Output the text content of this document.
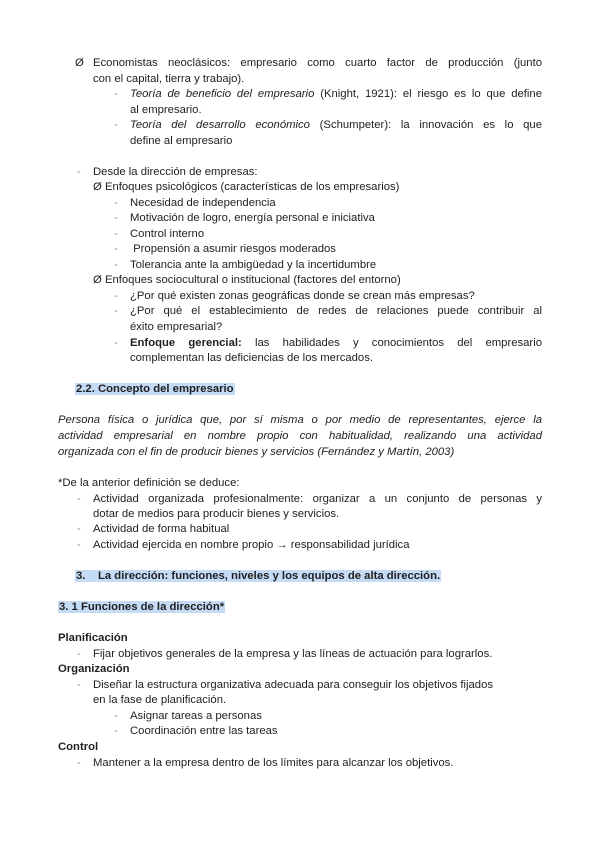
Ø Economistas neoclásicos: empresario como cuarto factor de producción (junto
con el capital, tierra y trabajo).
- Teoría de beneficio del empresario (Knight, 1921): el riesgo es lo que define
al empresario.
- Teoría del desarrollo económico (Schumpeter): la innovación es lo que
define al empresario
- Desde la dirección de empresas:
Ø Enfoques psicológicos (características de los empresarios)
- Necesidad de independencia
- Motivación de logro, energía personal e iniciativa
- Control interno
- Propensión a asumir riesgos moderados
- Tolerancia ante la ambigüedad y la incertidumbre
Ø Enfoques sociocultural o institucional (factores del entorno)
- ¿Por qué existen zonas geográficas donde se crean más empresas?
- ¿Por qué el establecimiento de redes de relaciones puede contribuir al
éxito empresarial?
- Enfoque gerencial: las habilidades y conocimientos del empresario
complementan las deficiencias de los mercados.
2.2. Concepto del empresario
Persona física o jurídica que, por sí misma o por medio de representantes, ejerce la
actividad empresarial en nombre propio con habitualidad, realizando una actividad
organizada con el fin de producir bienes y servicios (Fernández y Martín, 2003)
*De la anterior definición se deduce:
- Actividad organizada profesionalmente: organizar a un conjunto de personas y
dotar de medios para producir bienes y servicios.
- Actividad de forma habitual
- Actividad ejercida en nombre propio → responsabilidad jurídica
3. La dirección: funciones, niveles y los equipos de alta dirección.
3. 1 Funciones de la dirección*
Planificación
- Fijar objetivos generales de la empresa y las líneas de actuación para lograrlos.
Organización
- Diseñar la estructura organizativa adecuada para conseguir los objetivos fijados
en la fase de planificación.
- Asignar tareas a personas
- Coordinación entre las tareas
Control
- Mantener a la empresa dentro de los límites para alcanzar los objetivos.
